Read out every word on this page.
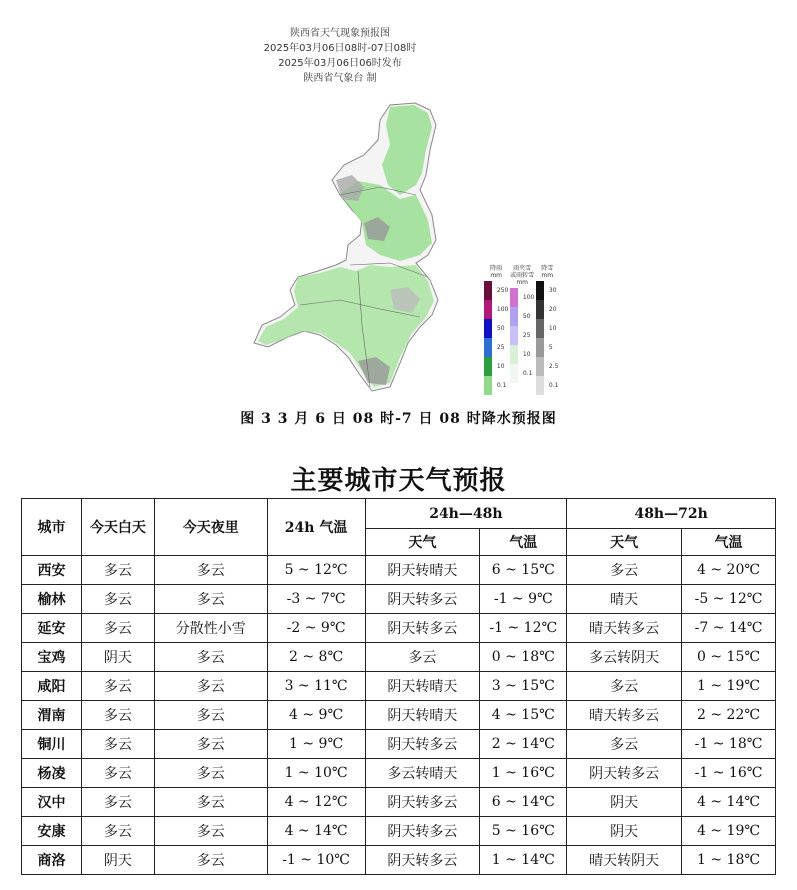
陕西省天气现象预报图
2025年03月06日08时-07日08时
2025年03月06日06时发布
陕西省气象台 制
降雨
mm

250
100
50
25
10
0.1
雨夹雪
或雨转雪
mm

100
50
25
10
0.1
降雪
mm

30
20
10
5
2.5
0.1
图 3 3 月 6 日 08 时-7 日 08 时降水预报图
主要城市天气预报
城市	今天白天	今天夜里	24h 气温	24h—48h		48h—72h	
				天气	气温	天气	气温
西安	多云	多云	5 ~ 12℃	阴天转晴天	6 ~ 15℃	多云	4 ~ 20℃
榆林	多云	多云	-3 ~ 7℃	阴天转多云	-1 ~ 9℃	晴天	-5 ~ 12℃
延安	多云	分散性小雪	-2 ~ 9℃	阴天转多云	-1 ~ 12℃	晴天转多云	-7 ~ 14℃
宝鸡	阴天	多云	2 ~ 8℃	多云	0 ~ 18℃	多云转阴天	0 ~ 15℃
咸阳	多云	多云	3 ~ 11℃	阴天转晴天	3 ~ 15℃	多云	1 ~ 19℃
渭南	多云	多云	4 ~ 9℃	阴天转晴天	4 ~ 15℃	晴天转多云	2 ~ 22℃
铜川	多云	多云	1 ~ 9℃	阴天转多云	2 ~ 14℃	多云	-1 ~ 18℃
杨凌	多云	多云	1 ~ 10℃	多云转晴天	1 ~ 16℃	阴天转多云	-1 ~ 16℃
汉中	多云	多云	4 ~ 12℃	阴天转多云	6 ~ 14℃	阴天	4 ~ 14℃
安康	多云	多云	4 ~ 14℃	阴天转多云	5 ~ 16℃	阴天	4 ~ 19℃
商洛	阴天	多云	-1 ~ 10℃	阴天转多云	1 ~ 14℃	晴天转阴天	1 ~ 18℃
